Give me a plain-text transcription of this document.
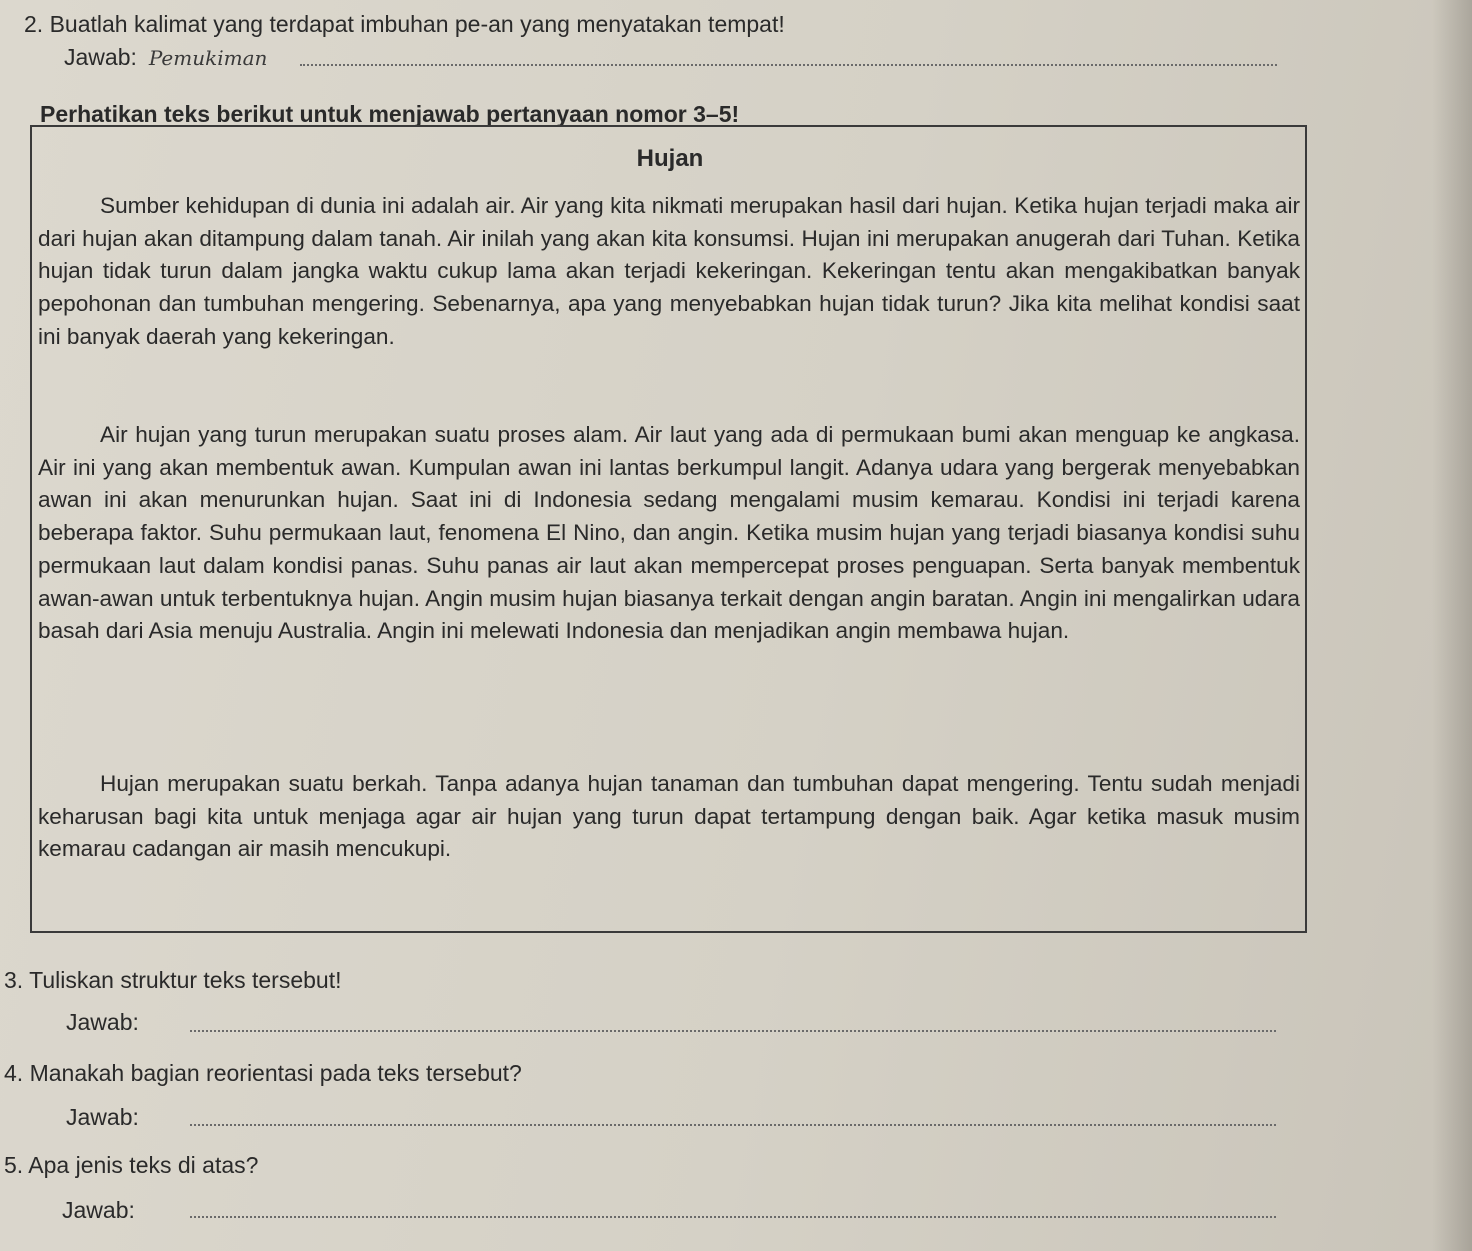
2. Buatlah kalimat yang terdapat imbuhan pe-an yang menyatakan tempat!
Jawab: Pemukiman
Perhatikan teks berikut untuk menjawab pertanyaan nomor 3–5!
Hujan

Sumber kehidupan di dunia ini adalah air. Air yang kita nikmati merupakan hasil dari hujan. Ketika hujan terjadi maka air dari hujan akan ditampung dalam tanah. Air inilah yang akan kita konsumsi. Hujan ini merupakan anugerah dari Tuhan. Ketika hujan tidak turun dalam jangka waktu cukup lama akan terjadi kekeringan. Kekeringan tentu akan mengakibatkan banyak pepohonan dan tumbuhan mengering. Sebenarnya, apa yang menyebabkan hujan tidak turun? Jika kita melihat kondisi saat ini banyak daerah yang kekeringan.

Air hujan yang turun merupakan suatu proses alam. Air laut yang ada di permukaan bumi akan menguap ke angkasa. Air ini yang akan membentuk awan. Kumpulan awan ini lantas berkumpul langit. Adanya udara yang bergerak menyebabkan awan ini akan menurunkan hujan. Saat ini di Indonesia sedang mengalami musim kemarau. Kondisi ini terjadi karena beberapa faktor. Suhu permukaan laut, fenomena El Nino, dan angin. Ketika musim hujan yang terjadi biasanya kondisi suhu permukaan laut dalam kondisi panas. Suhu panas air laut akan mempercepat proses penguapan. Serta banyak membentuk awan-awan untuk terbentuknya hujan. Angin musim hujan biasanya terkait dengan angin baratan. Angin ini mengalirkan udara basah dari Asia menuju Australia. Angin ini melewati Indonesia dan menjadikan angin membawa hujan.

Hujan merupakan suatu berkah. Tanpa adanya hujan tanaman dan tumbuhan dapat mengering. Tentu sudah menjadi keharusan bagi kita untuk menjaga agar air hujan yang turun dapat tertampung dengan baik. Agar ketika masuk musim kemarau cadangan air masih mencukupi.

3. Tuliskan struktur teks tersebut!
Jawab:
4. Manakah bagian reorientasi pada teks tersebut?
Jawab:
5. Apa jenis teks di atas?
Jawab:
